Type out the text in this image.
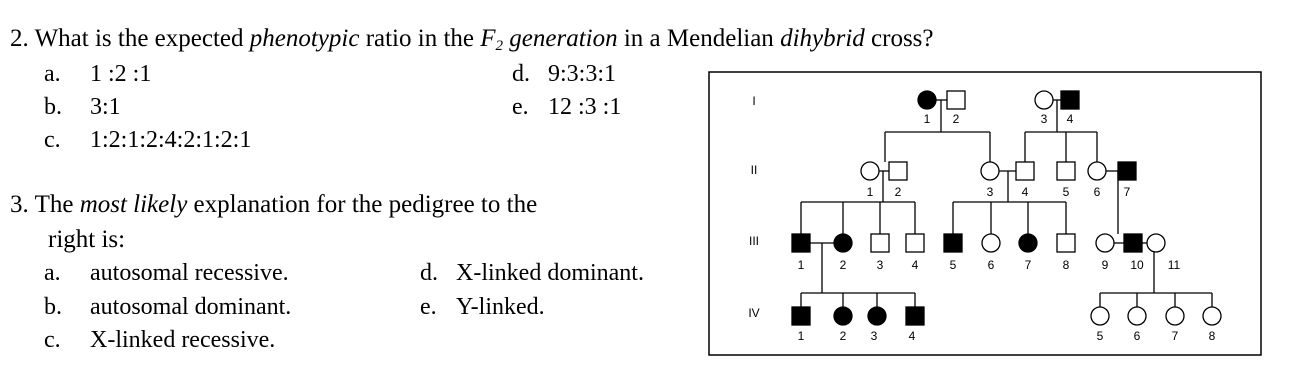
2. What is the expected phenotypic ratio in the $F_2$ generation in a Mendelian dihybrid cross?
a. 1 :2 :1
b. 3:1
c. 1:2:1:2:4:2:1:2:1
d. 9:3:3:1
e. 12 :3 :1
3. The most likely explanation for the pedigree to the
right is:
a. autosomal recessive.
b. autosomal dominant.
c. X-linked recessive.
d. X-linked dominant.
e. Y-linked.
I
II
III
IV
1 2	3 4
1 2	3 4	5 6 7
1	2	3 4	5	6	7	8	9 10 11
1	2 3	4	5	6	7	8
